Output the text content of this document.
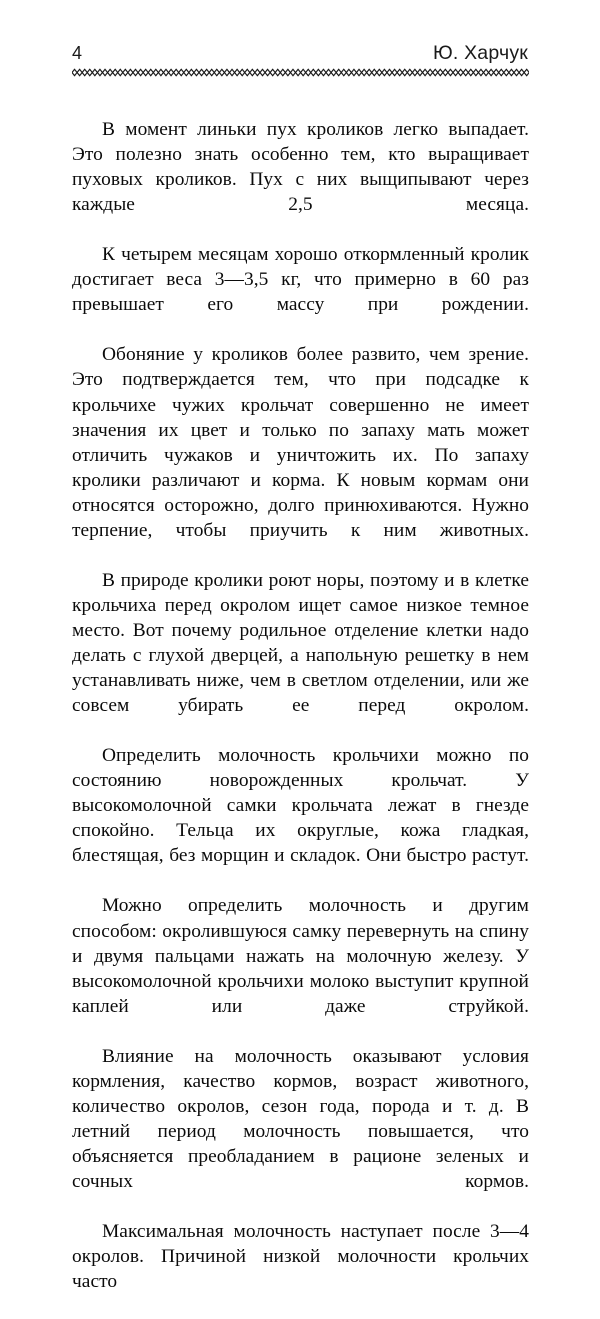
4	Ю. Харчук

В момент линьки пух кроликов легко выпадает. Это полезно знать особенно тем, кто выращивает пуховых кроликов. Пух с них выщипывают через каждые 2,5 месяца.

К четырем месяцам хорошо откормленный кролик достигает веса 3—3,5 кг, что примерно в 60 раз превышает его массу при рождении.

Обоняние у кроликов более развито, чем зрение. Это подтверждается тем, что при подсадке к крольчихе чужих крольчат совершенно не имеет значения их цвет и только по запаху мать может отличить чужаков и уничтожить их. По запаху кролики различают и корма. К новым кормам они относятся осторожно, долго принюхиваются. Нужно терпение, чтобы приучить к ним животных.

В природе кролики роют норы, поэтому и в клетке крольчиха перед окролом ищет самое низкое темное место. Вот почему родильное отделение клетки надо делать с глухой дверцей, а напольную решетку в нем устанавливать ниже, чем в светлом отделении, или же совсем убирать ее перед окролом.

Определить молочность крольчихи можно по состоянию новорожденных крольчат. У высокомолочной самки крольчата лежат в гнезде спокойно. Тельца их округлые, кожа гладкая, блестящая, без морщин и складок. Они быстро растут.

Можно определить молочность и другим способом: окролившуюся самку перевернуть на спину и двумя пальцами нажать на молочную железу. У высокомолочной крольчихи молоко выступит крупной каплей или даже струйкой.

Влияние на молочность оказывают условия кормления, качество кормов, возраст животного, количество окролов, сезон года, порода и т. д. В летний период молочность повышается, что объясняется преобладанием в рационе зеленых и сочных кормов.

Максимальная молочность наступает после 3—4 окролов. Причиной низкой молочности крольчих часто
